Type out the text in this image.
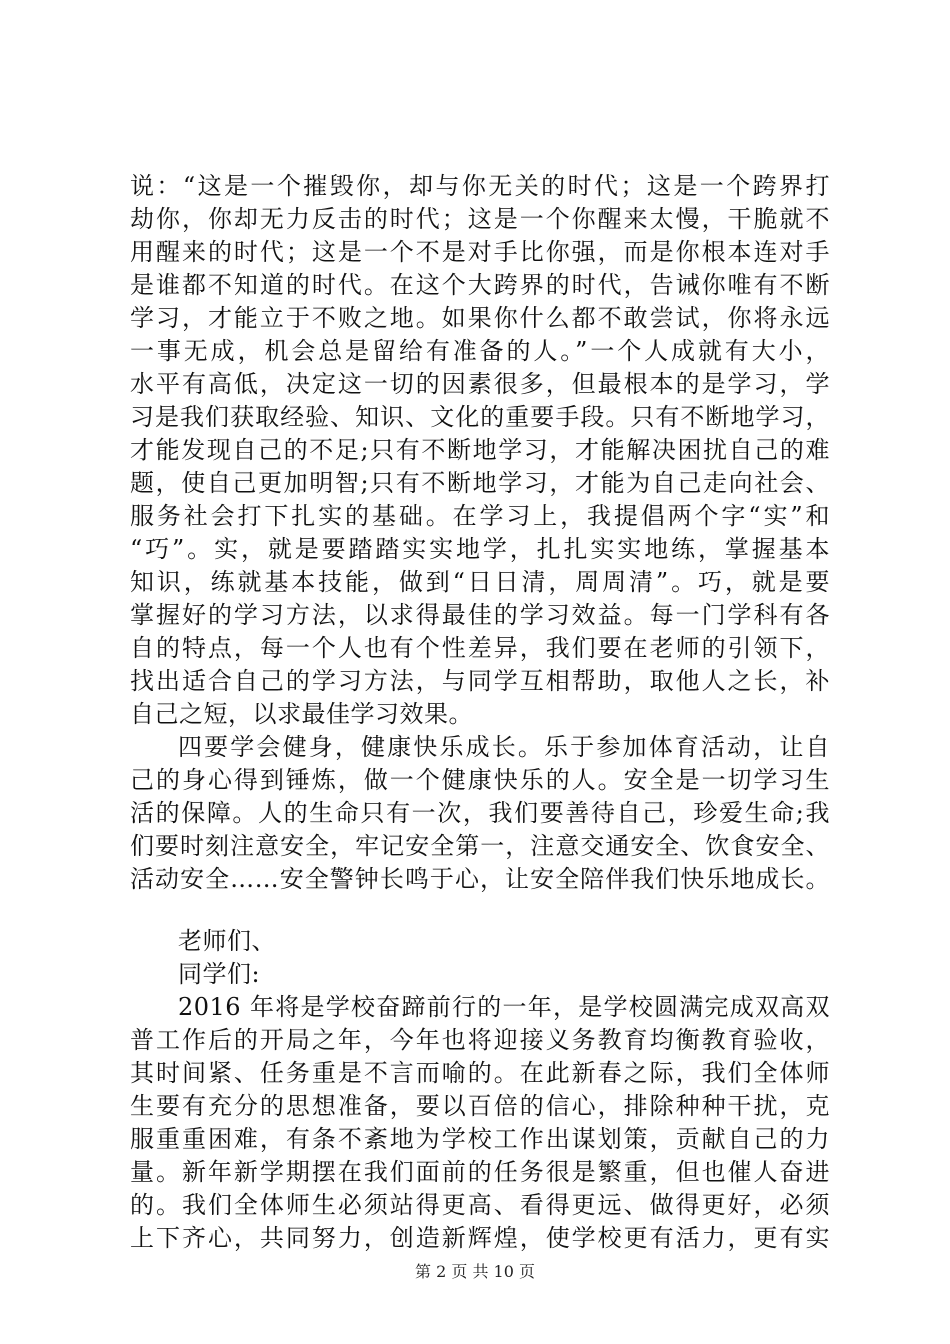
说：“这是一个摧毁你，却与你无关的时代；这是一个跨界打
劫你，你却无力反击的时代；这是一个你醒来太慢，干脆就不
用醒来的时代；这是一个不是对手比你强，而是你根本连对手
是谁都不知道的时代。在这个大跨界的时代，告诫你唯有不断
学习，才能立于不败之地。如果你什么都不敢尝试，你将永远
一事无成，机会总是留给有准备的人。”一个人成就有大小，
水平有高低，决定这一切的因素很多，但最根本的是学习，学
习是我们获取经验、知识、文化的重要手段。只有不断地学习，
才能发现自己的不足;只有不断地学习，才能解决困扰自己的难
题，使自己更加明智;只有不断地学习，才能为自己走向社会、
服务社会打下扎实的基础。在学习上，我提倡两个字“实”和
“巧”。实，就是要踏踏实实地学，扎扎实实地练，掌握基本
知识，练就基本技能，做到“日日清，周周清”。巧，就是要
掌握好的学习方法，以求得最佳的学习效益。每一门学科有各
自的特点，每一个人也有个性差异，我们要在老师的引领下，
找出适合自己的学习方法，与同学互相帮助，取他人之长，补
自己之短，以求最佳学习效果。
四要学会健身，健康快乐成长。乐于参加体育活动，让自
己的身心得到锤炼，做一个健康快乐的人。安全是一切学习生
活的保障。人的生命只有一次，我们要善待自己，珍爱生命;我
们要时刻注意安全，牢记安全第一，注意交通安全、饮食安全、
活动安全……安全警钟长鸣于心，让安全陪伴我们快乐地成长。
老师们、
同学们:
2016 年将是学校奋蹄前行的一年，是学校圆满完成双高双
普工作后的开局之年，今年也将迎接义务教育均衡教育验收，
其时间紧、任务重是不言而喻的。在此新春之际，我们全体师
生要有充分的思想准备，要以百倍的信心，排除种种干扰，克
服重重困难，有条不紊地为学校工作出谋划策，贡献自己的力
量。新年新学期摆在我们面前的任务很是繁重，但也催人奋进
的。我们全体师生必须站得更高、看得更远、做得更好，必须
上下齐心，共同努力，创造新辉煌，使学校更有活力，更有实
第 2 页 共 10 页
